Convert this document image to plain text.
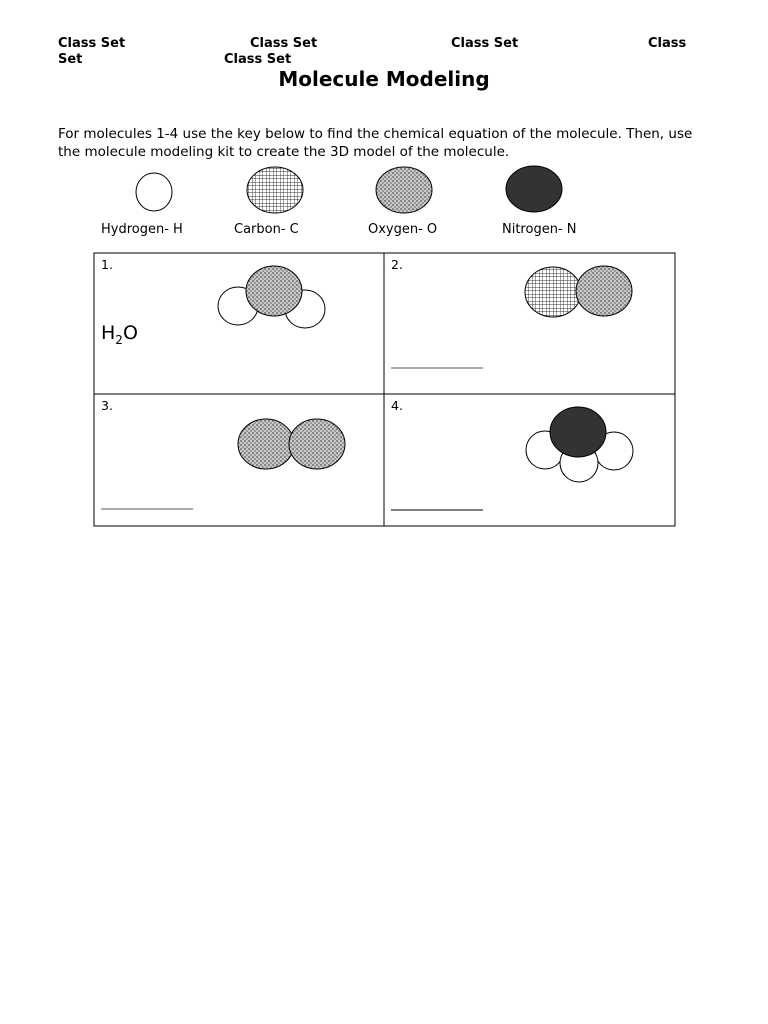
Class Set	Class Set	Class Set	Class
Set	Class Set
Molecule Modeling
For molecules 1-4 use the key below to find the chemical equation of the molecule. Then, use the molecule modeling kit to create the 3D model of the molecule.
Hydrogen- H	Carbon- C	Oxygen- O	Nitrogen- N
1.	2.
3.	4.
$H_2O$
